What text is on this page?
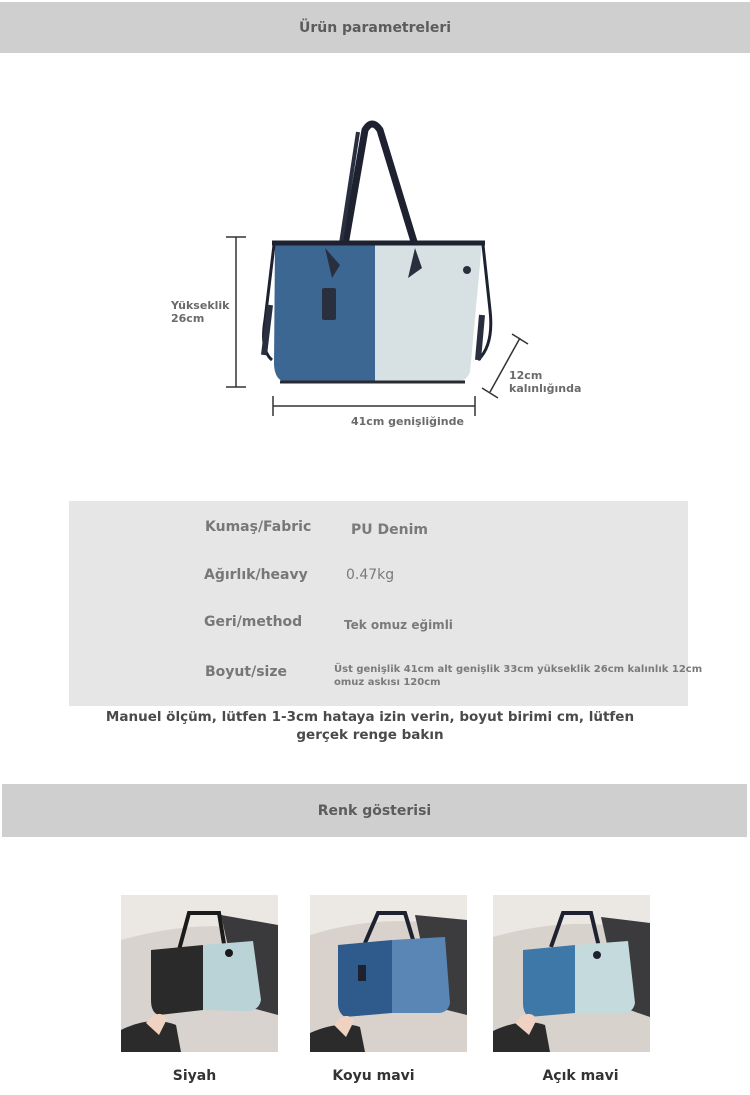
Ürün parametreleri
Yükseklik
26cm
41cm genişliğinde
12cm
kalınlığında
Kumaş/Fabric	PU Denim
Ağırlık/heavy	0.47kg
Geri/method	Tek omuz eğimli
Boyut/size	Üst genişlik 41cm alt genişlik 33cm yükseklik 26cm kalınlık 12cm
omuz askısı 120cm
Manuel ölçüm, lütfen 1-3cm hataya izin verin, boyut birimi cm, lütfen gerçek renge bakın
Renk gösterisi
Siyah	Koyu mavi	Açık mavi
